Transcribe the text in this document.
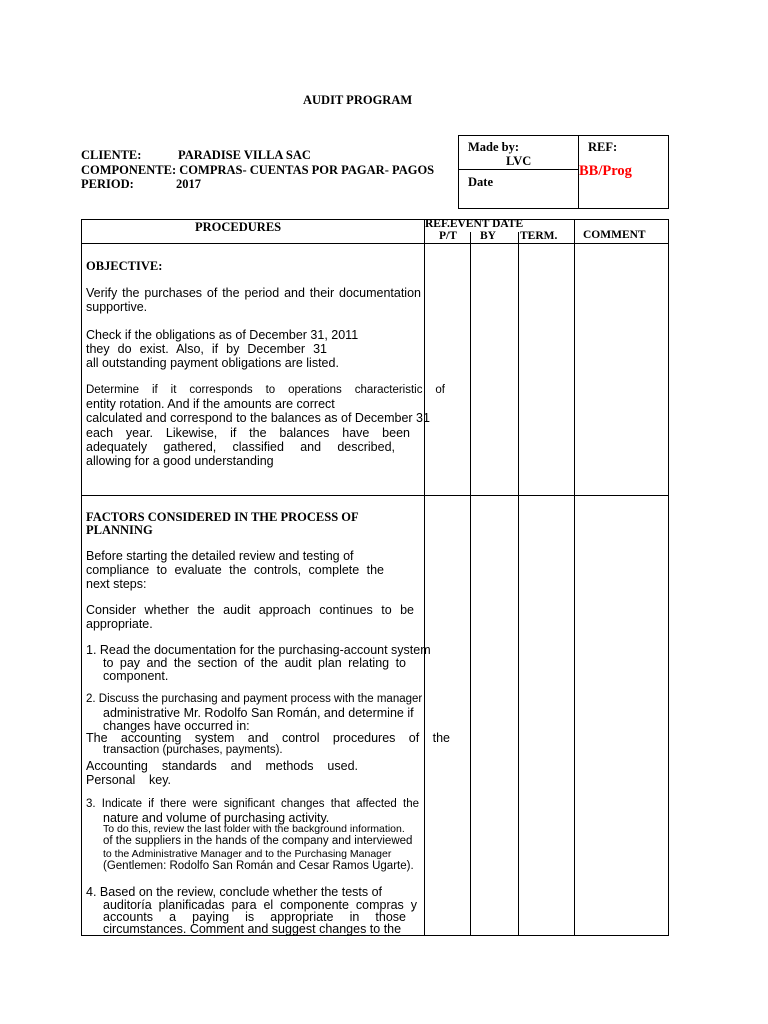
AUDIT PROGRAM
CLIENTE:	PARADISE VILLA SAC
COMPONENTE: COMPRAS- CUENTAS POR PAGAR- PAGOS
PERIOD:	2017
Made by:
LVC
Date
REF:
BB/Prog
PROCEDURES	REF.EVENT DATE
P/T BY TERM. COMMENT
OBJECTIVE:
Verify the purchases of the period and their documentation
supportive.
Check if the obligations as of December 31, 2011
they do exist. Also, if by December 31
all outstanding payment obligations are listed.
Determine if it corresponds to operations characteristic of
entity rotation. And if the amounts are correct
calculated and correspond to the balances as of December 31
each year. Likewise, if the balances have been
adequately gathered, classified and described,
allowing for a good understanding
FACTORS CONSIDERED IN THE PROCESS OF
PLANNING
Before starting the detailed review and testing of
compliance to evaluate the controls, complete the
next steps:
Consider whether the audit approach continues to be
appropriate.
1. Read the documentation for the purchasing-account system
to pay and the section of the audit plan relating to
component.
2. Discuss the purchasing and payment process with the manager
administrative Mr. Rodolfo San Román, and determine if
changes have occurred in:
The accounting system and control procedures of the
transaction (purchases, payments).
Accounting standards and methods used.
Personal key.
3. Indicate if there were significant changes that affected the
nature and volume of purchasing activity.
To do this, review the last folder with the background information.
of the suppliers in the hands of the company and interviewed
to the Administrative Manager and to the Purchasing Manager
(Gentlemen: Rodolfo San Román and Cesar Ramos Ugarte).
4. Based on the review, conclude whether the tests of
auditoría planificadas para el componente compras y
accounts a paying is appropriate in those
circumstances. Comment and suggest changes to the
